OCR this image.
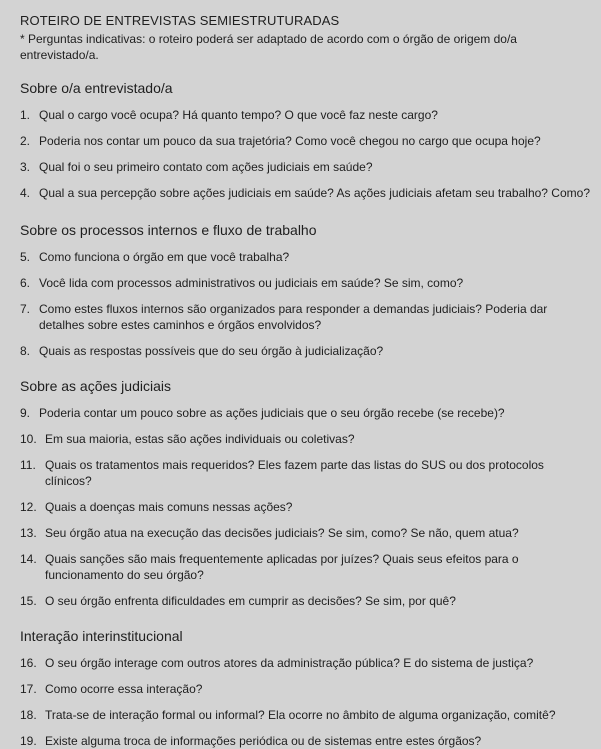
ROTEIRO DE ENTREVISTAS SEMIESTRUTURADAS

* Perguntas indicativas: o roteiro poderá ser adaptado de acordo com o órgão de origem do/a entrevistado/a.

Sobre o/a entrevistado/a
1. Qual o cargo você ocupa? Há quanto tempo? O que você faz neste cargo?
2. Poderia nos contar um pouco da sua trajetória? Como você chegou no cargo que ocupa hoje?
3. Qual foi o seu primeiro contato com ações judiciais em saúde?
4. Qual a sua percepção sobre ações judiciais em saúde? As ações judiciais afetam seu trabalho? Como?
Sobre os processos internos e fluxo de trabalho
5. Como funciona o órgão em que você trabalha?
6. Você lida com processos administrativos ou judiciais em saúde? Se sim, como?
7. Como estes fluxos internos são organizados para responder a demandas judiciais? Poderia dar detalhes sobre estes caminhos e órgãos envolvidos?
8. Quais as respostas possíveis que do seu órgão à judicialização?
Sobre as ações judiciais
9. Poderia contar um pouco sobre as ações judiciais que o seu órgão recebe (se recebe)?
10. Em sua maioria, estas são ações individuais ou coletivas?
11. Quais os tratamentos mais requeridos? Eles fazem parte das listas do SUS ou dos protocolos clínicos?
12. Quais a doenças mais comuns nessas ações?
13. Seu órgão atua na execução das decisões judiciais? Se sim, como? Se não, quem atua?
14. Quais sanções são mais frequentemente aplicadas por juízes? Quais seus efeitos para o funcionamento do seu órgão?
15. O seu órgão enfrenta dificuldades em cumprir as decisões? Se sim, por quê?
Interação interinstitucional
16. O seu órgão interage com outros atores da administração pública? E do sistema de justiça?
17. Como ocorre essa interação?
18. Trata-se de interação formal ou informal? Ela ocorre no âmbito de alguma organização, comitê?
19. Existe alguma troca de informações periódica ou de sistemas entre estes órgãos?
